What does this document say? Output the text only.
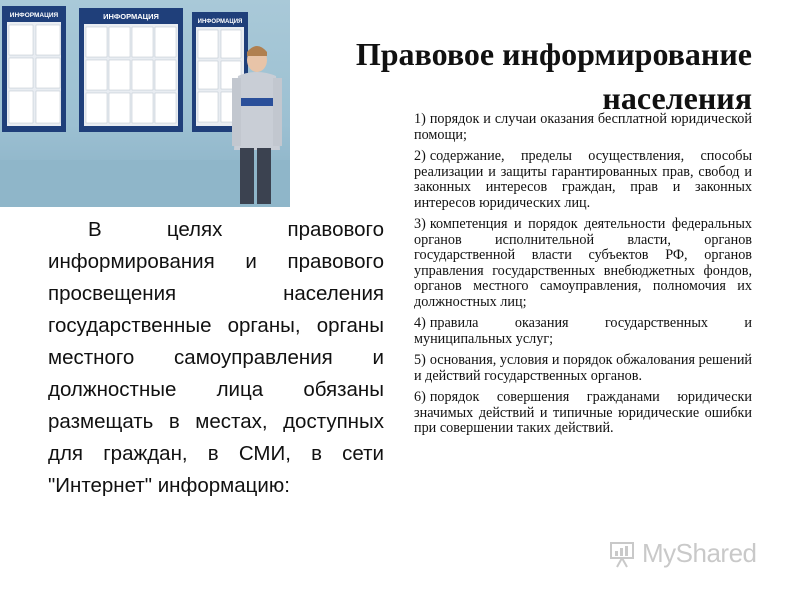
ИНФОРМАЦИЯ	ИНФОРМАЦИЯ
ИНФОРМАЦИЯ
Правовое информирование
населения
В целях правового информирования и правового просвещения населения государственные органы, органы местного самоуправления и должностные лица обязаны размещать в местах, доступных для граждан, в СМИ, в сети "Интернет" информацию:
1) порядок и случаи оказания бесплатной юридической помощи;
2) содержание, пределы осуществления, способы реализации и защиты гарантированных прав, свобод и законных интересов граждан, прав и законных интересов юридических лиц.
3) компетенция и порядок деятельности федеральных органов исполнительной власти, органов государственной власти субъектов РФ, органов управления государственных внебюджетных фондов, органов местного самоуправления, полномочия их должностных лиц;
4) правила оказания государственных и муниципальных услуг;
5) основания, условия и порядок обжалования решений и действий государственных органов.
6) порядок совершения гражданами юридически значимых действий и типичные юридические ошибки при совершении таких действий.
MyShared
